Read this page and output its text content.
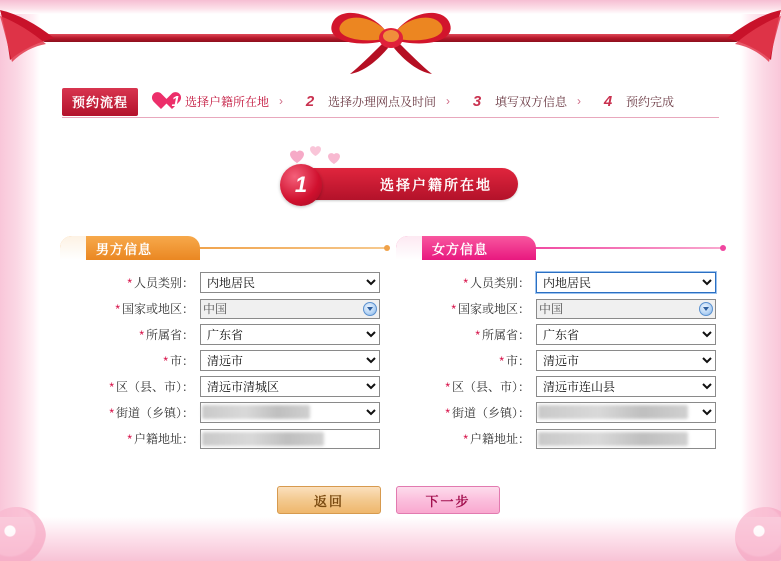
预约流程	1 选择户籍所在地 › 2 选择办理网点及时间 › 3 填写双方信息 › 4 预约完成
选择户籍所在地
1
男方信息
* 人员类别：
内地居民
* 国家或地区：
中国
* 所属省：
广东省
* 市：
清远市
* 区（县、市）：
清远市清城区
* 街道（乡镇）：
* 户籍地址：
女方信息
* 人员类别：
内地居民
* 国家或地区：
中国
* 所属省：
广东省
* 市：
清远市
* 区（县、市）：
清远市连山县
* 街道（乡镇）：
* 户籍地址：
返回	下一步
